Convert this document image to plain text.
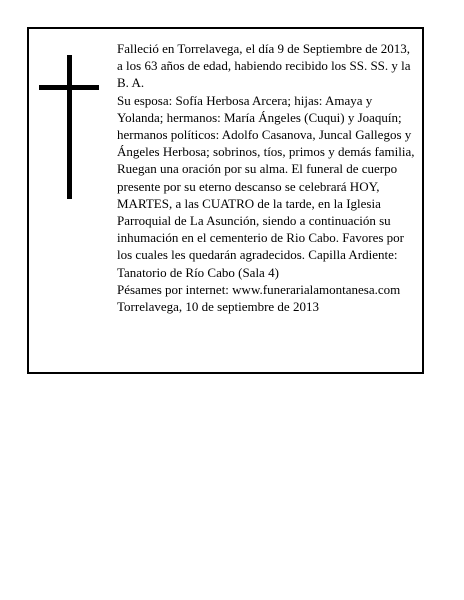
Falleció en Torrelavega, el día 9 de Septiembre de 2013, a los 63 años de edad, habiendo recibido los SS. SS. y la B. A.

Su esposa: Sofía Herbosa Arcera; hijas: Amaya y Yolanda; hermanos: María Ángeles (Cuqui) y Joaquín; hermanos políticos: Adolfo Casanova, Juncal Gallegos y Ángeles Herbosa; sobrinos, tíos, primos y demás familia,

Ruegan una oración por su alma. El funeral de cuerpo presente por su eterno descanso se celebrará HOY, MARTES, a las CUATRO de la tarde, en la Iglesia Parroquial de La Asunción, siendo a continuación su inhumación en el cementerio de Rio Cabo. Favores por los cuales les quedarán agradecidos. Capilla Ardiente: Tanatorio de Río Cabo (Sala 4)

Pésames por internet: www.funerarialamontanesa.com

Torrelavega, 10 de septiembre de 2013
